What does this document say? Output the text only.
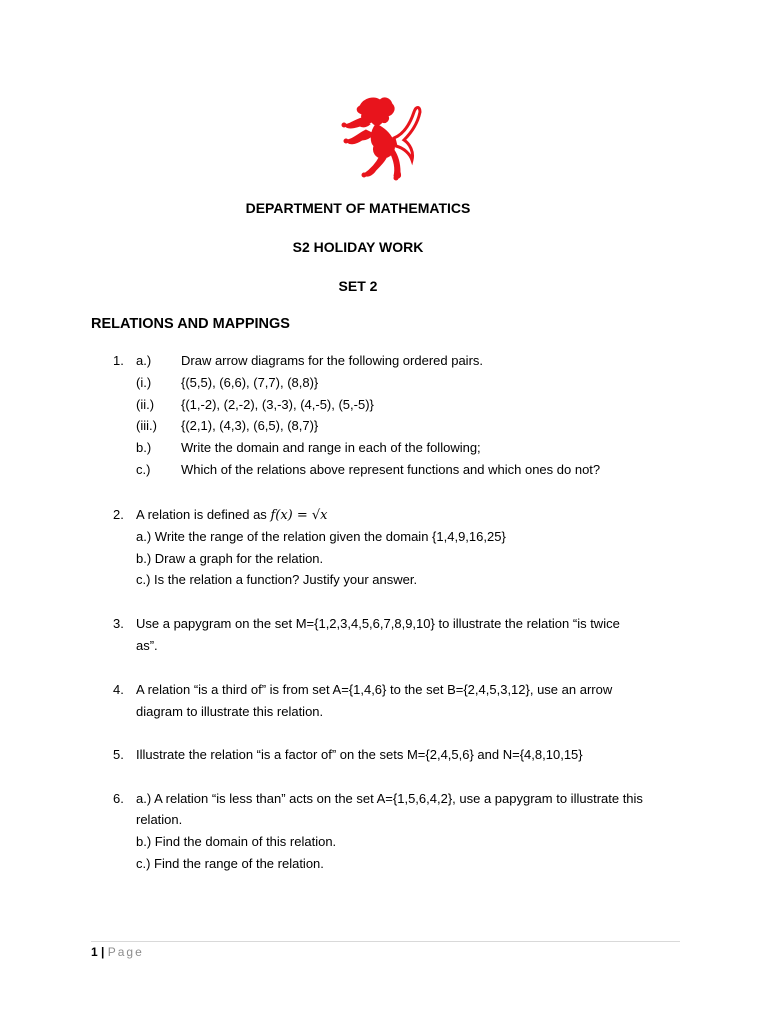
DEPARTMENT OF MATHEMATICS
S2 HOLIDAY WORK
SET 2
RELATIONS AND MAPPINGS
1. a.) Draw arrow diagrams for the following ordered pairs.
(i.) {(5,5), (6,6), (7,7), (8,8)}
(ii.) {(1,-2), (2,-2), (3,-3), (4,-5), (5,-5)}
(iii.) {(2,1), (4,3), (6,5), (8,7)}
b.) Write the domain and range in each of the following;
c.) Which of the relations above represent functions and which ones do not?
2. A relation is defined as f(x) = √x
a.) Write the range of the relation given the domain {1,4,9,16,25}
b.) Draw a graph for the relation.
c.) Is the relation a function? Justify your answer.
3. Use a papygram on the set M={1,2,3,4,5,6,7,8,9,10} to illustrate the relation “is twice
as”.
4. A relation “is a third of” is from set A={1,4,6} to the set B={2,4,5,3,12}, use an arrow
diagram to illustrate this relation.
5. Illustrate the relation “is a factor of” on the sets M={2,4,5,6} and N={4,8,10,15}
6. a.) A relation “is less than” acts on the set A={1,5,6,4,2}, use a papygram to illustrate this
relation.
b.) Find the domain of this relation.
c.) Find the range of the relation.
1 | Page
